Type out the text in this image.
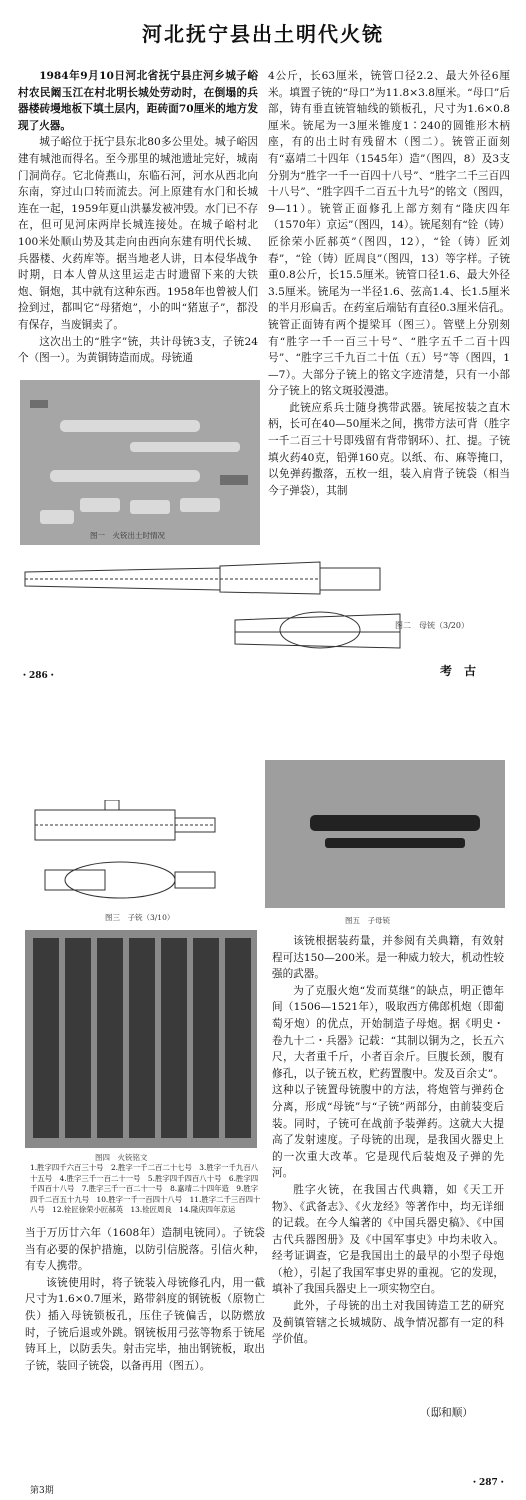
河北抚宁县出土明代火铳

1984年9月10日河北省抚宁县庄河乡城子峪村农民阚玉江在村北明长城处劳动时，在倒塌的兵器楼砖墁地板下填土层内，距砖面70厘米的地方发现了火器。

城子峪位于抚宁县东北80多公里处。城子峪因建有城池而得名。至今那里的城池遗址完好，城南门洞尚存。它北倚燕山，东临石河，河水从西北向东南，穿过山口转而流去。河上原建有水门和长城连在一起，1959年夏山洪暴发被冲毁。水门已不存在，但可见河床两岸长城连接处。在城子峪村北100米处顺山势及其走向由西向东建有明代长城、兵器楼、火药库等。据当地老人讲，日本侵华战争时期，日本人曾从这里运走古时遗留下来的大铁炮、铜炮，其中就有这种东西。1958年也曾被人们捡到过，都叫它“母猪炮”，小的叫“猪崽子”，都没有保存，当废铜卖了。

这次出土的“胜字”铳，共计母铳3支，子铳24个（图一）。为黄铜铸造而成。母铳通

图一　火铳出土时情况

4公斤，长63厘米，铳管口径2.2、最大外径6厘米。填置子铳的“母口”为11.8×3.8厘米。“母口”后部，铸有垂直铳管轴线的锁板孔，尺寸为1.6×0.8厘米。铳尾为一3厘米锥度1∶240的圆锥形木柄座，有的出土时有残留木（图二）。铳管正面刻有“嘉靖二十四年（1545年）造”（图四，8）及3支分别为“胜字一千一百四十八号”、“胜字二千三百四十八号”、“胜字四千二百五十九号”的铭文（图四，9—11）。铳管正面修孔上部方刻有“隆庆四年（1570年）京运”（图四，14）。铳尾刻有“铨（铸）匠徐荣小匠郝英”（图四，12），“铨（铸）匠刘春”，“铨（铸）匠周良”（图四，13）等字样。子铳重0.8公斤，长15.5厘米。铳管口径1.6、最大外径3.5厘米。铳尾为一半径1.6、弦高1.4、长1.5厘米的半月形扁舌。在药室后端钻有直径0.3厘米信孔。铳管正面铸有两个提梁耳（图三）。管壁上分别刻有“胜字一千一百三十号”、“胜字五千二百十四号”、“胜字三千九百二十伍（五）号”等（图四，1—7）。大部分子铳上的铭文字迹清楚，只有一小部分子铳上的铭文斑驳漫漶。

此铳应系兵士随身携带武器。铳尾按装之直木柄，长可在40—50厘米之间，携带方法可背（胜字一千二百三十号即残留有背带钢环）、扛、提。子铳填火药40克，铅弹160克。以纸、布、麻等掩口，以免弹药撒落，五枚一组，装入肩背子铳袋（相当今子弹袋），其制

图二　母铳（3/20）
・286・	考　古
图三　子铳（3/10）	图五　子母铳
图四　火铳铭文
1.胜字四千六百三十号　2.胜字一千二百二十七号　3.胜字一千九百八十五号　4.胜字三千一百二十一号　5.胜字四千四百八十号　6.胜字四千四百十八号　7.胜字三千一百二十一号　8.嘉靖二十四年造　9.胜字四千二百五十九号　10.胜字一千一百四十八号　11.胜字二千三百四十八号　12.铨匠徐荣小匠郝英　13.铨匠周良　14.隆庆四年京运

当于万历廿六年（1608年）造制电铳同）。子铳袋当有必要的保护措施，以防引信脱落。引信火种，有专人携带。

该铳使用时，将子铳装入母铳修孔内，用一截尺寸为1.6×0.7厘米，路带斜度的钢铳板（原物亡佚）插入母铳锁板孔，压住子铳偏舌，以防燃放时，子铳后退或外跳。钢铳板用弓弦等物系于铳尾铸耳上，以防丢失。射击完毕，抽出钢铳板，取出子铳，装回子铳袋，以备再用（图五）。

该铳根据装药量，并参阅有关典籍，有效射程可达150—200米。是一种威力较大，机动性较强的武器。

为了克服火炮“发而莫继”的缺点，明正德年间（1506—1521年），吸取西方佛郎机炮（即葡萄牙炮）的优点，开始制造子母炮。据《明史・卷九十二・兵器》记载：“其制以铜为之，长五六尺，大者重千斤，小者百余斤。巨腹长颈，腹有修孔，以子铳五枚，贮药置腹中。发及百余丈”。这种以子铳置母铳腹中的方法，将炮管与弹药仓分离，形成“母铳”与“子铳”两部分，由前装变后装。同时，子铳可在战前予装弹药。这就大大提高了发射速度。子母铳的出现，是我国火器史上的一次重大改革。它是现代后装炮及子弹的先河。

胜字火铳，在我国古代典籍，如《天工开物》、《武备志》、《火龙经》等著作中，均无详细的记载。在今人编著的《中国兵器史稿》、《中国古代兵器图册》及《中国军事史》中均未收入。经考证调查，它是我国出土的最早的小型子母炮（枪），引起了我国军事史界的重视。它的发现，填补了我国兵器史上一项实物空白。

此外，子母铳的出土对我国铸造工艺的研究及蓟镇管辖之长城城防、战争情况都有一定的科学价值。

（邸和顺）
第3期
・287・
